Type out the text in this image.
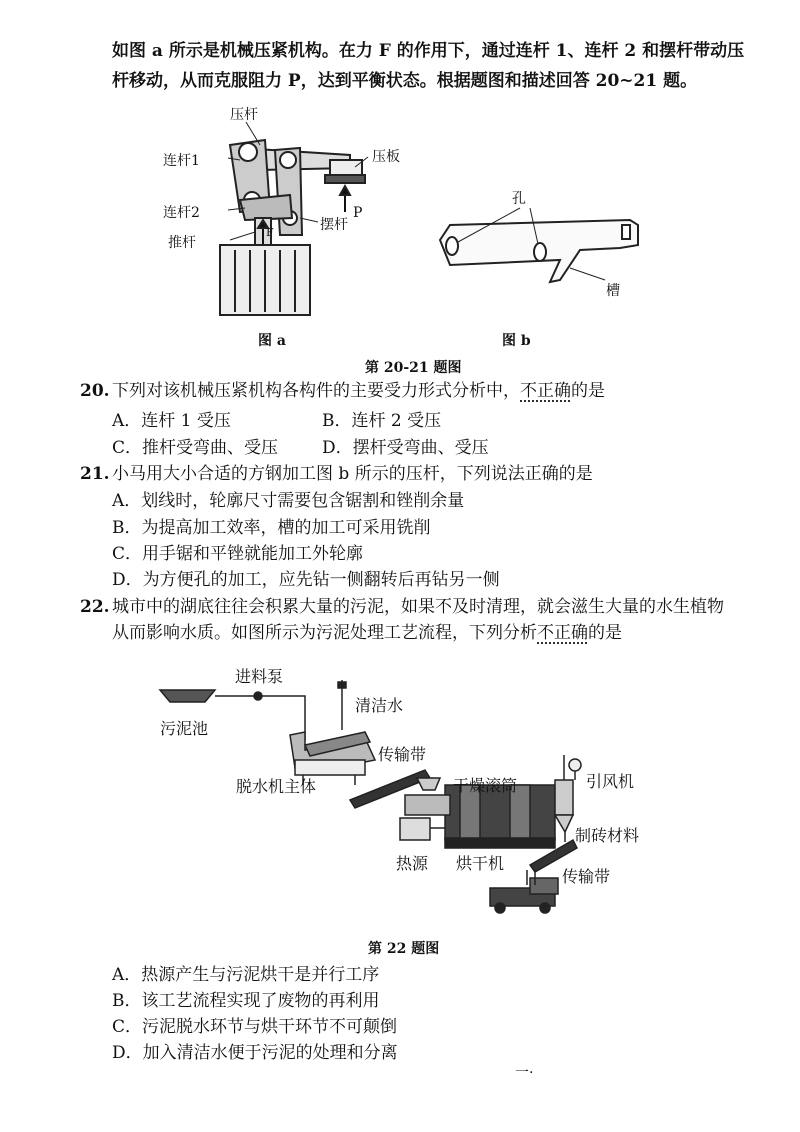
如图 a 所示是机械压紧机构。在力 F 的作用下，通过连杆 1、连杆 2 和摆杆带动压
杆移动，从而克服阻力 P，达到平衡状态。根据题图和描述回答 20~21 题。
压杆
连杆1	压板
连杆2
摆杆
推杆
P
F
孔
槽
图 a	图 b
第 20-21 题图
20. 下列对该机械压紧机构各构件的主要受力形式分析中，不正确的是
A．连杆 1 受压	B．连杆 2 受压
C．推杆受弯曲、受压	D．摆杆受弯曲、受压
21. 小马用大小合适的方钢加工图 b 所示的压杆，下列说法正确的是
A．划线时，轮廓尺寸需要包含锯割和锉削余量
B．为提高加工效率，槽的加工可采用铣削
C．用手锯和平锉就能加工外轮廓
D．为方便孔的加工，应先钻一侧翻转后再钻另一侧
22. 城市中的湖底往往会积累大量的污泥，如果不及时清理，就会滋生大量的水生植物
从而影响水质。如图所示为污泥处理工艺流程，下列分析不正确的是
进料泵
清洁水
污泥池
传输带
脱水机主体	干燥滚筒	引风机
制砖材料
热源 烘干机
传输带
第 22 题图
A．热源产生与污泥烘干是并行工序
B．该工艺流程实现了废物的再利用
C．污泥脱水环节与烘干环节不可颠倒
D．加入清洁水便于污泥的处理和分离
一·
